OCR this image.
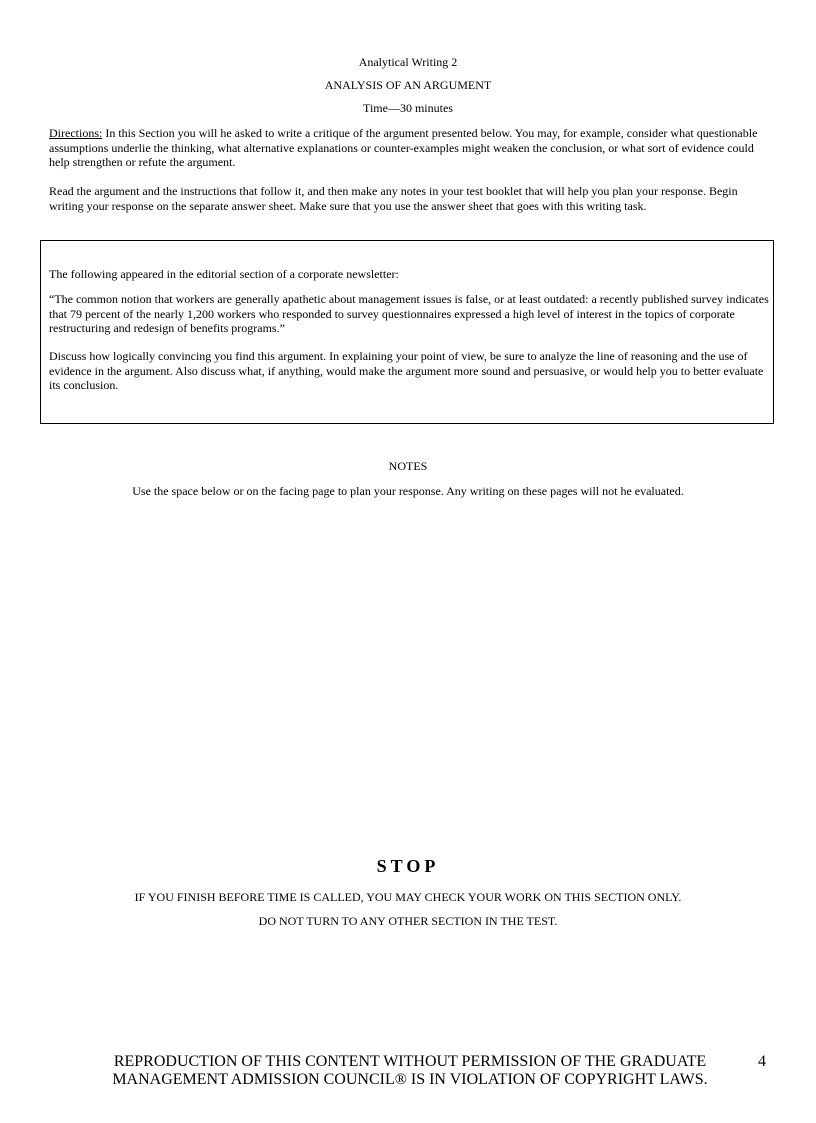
Analytical Writing 2
ANALYSIS OF AN ARGUMENT
Time—30 minutes
Directions: In this Section you will he asked to write a critique of the argument presented below. You may, for example, consider what questionable assumptions underlie the thinking, what alternative explanations or counter-examples might weaken the conclusion, or what sort of evidence could help strengthen or refute the argument.
Read the argument and the instructions that follow it, and then make any notes in your test booklet that will help you plan your response. Begin writing your response on the separate answer sheet. Make sure that you use the answer sheet that goes with this writing task.
The following appeared in the editorial section of a corporate newsletter:
“The common notion that workers are generally apathetic about management issues is false, or at least outdated: a recently published survey indicates that 79 percent of the nearly 1,200 workers who responded to survey questionnaires expressed a high level of interest in the topics of corporate restructuring and redesign of benefits programs.”
Discuss how logically convincing you find this argument. In explaining your point of view, be sure to analyze the line of reasoning and the use of evidence in the argument. Also discuss what, if anything, would make the argument more sound and persuasive, or would help you to better evaluate its conclusion.
NOTES
Use the space below or on the facing page to plan your response. Any writing on these pages will not he evaluated.
STOP
IF YOU FINISH BEFORE TIME IS CALLED, YOU MAY CHECK YOUR WORK ON THIS SECTION ONLY.
DO NOT TURN TO ANY OTHER SECTION IN THE TEST.
REPRODUCTION OF THIS CONTENT WITHOUT PERMISSION OF THE GRADUATE
MANAGEMENT ADMISSION COUNCIL® IS IN VIOLATION OF COPYRIGHT LAWS.
4
